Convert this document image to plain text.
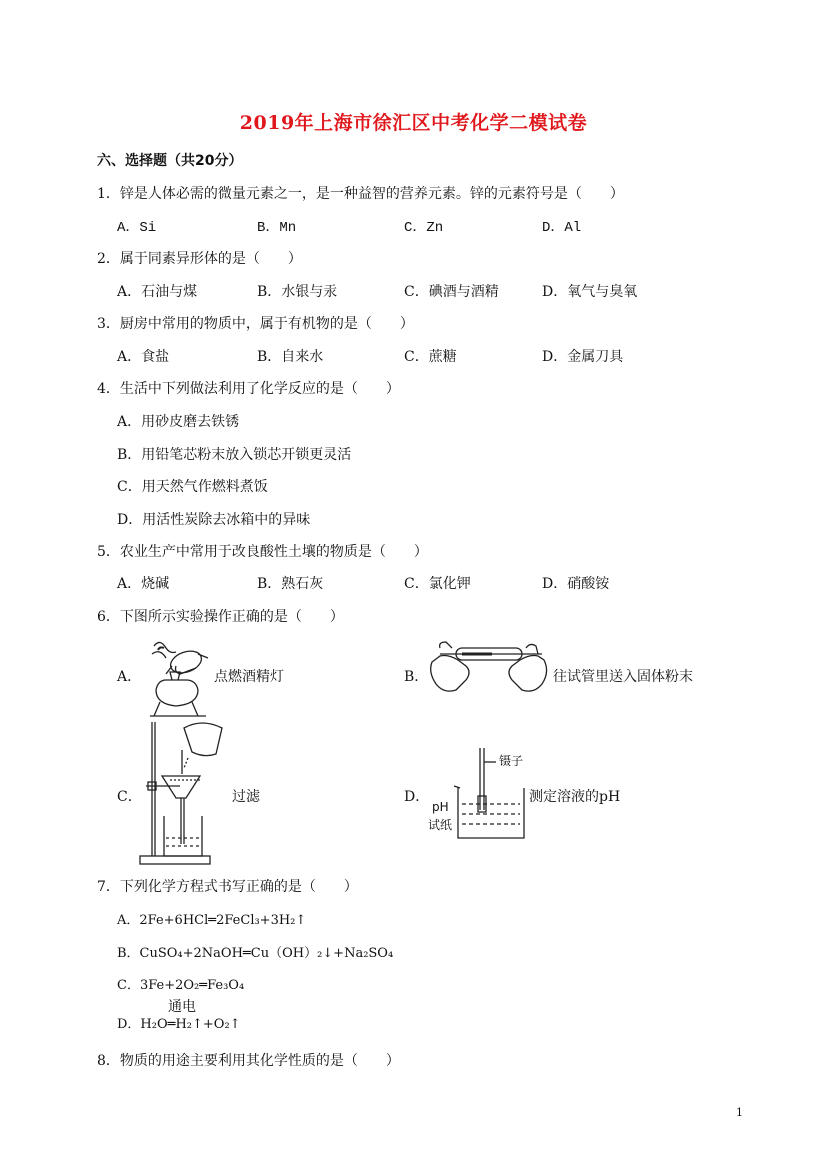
2019年上海市徐汇区中考化学二模试卷
六、选择题（共20分）
1．锌是人体必需的微量元素之一，是一种益智的营养元素。锌的元素符号是（　　）
A．Si	B．Mn	C．Zn	D．Al
2．属于同素异形体的是（　　）
A．石油与煤	B．水银与汞	C．碘酒与酒精	D．氧气与臭氧
3．厨房中常用的物质中，属于有机物的是（　　）
A．食盐	B．自来水	C．蔗糖	D．金属刀具
4．生活中下列做法利用了化学反应的是（　　）
A．用砂皮磨去铁锈
B．用铅笔芯粉末放入锁芯开锁更灵活
C．用天然气作燃料煮饭
D．用活性炭除去冰箱中的异味
5．农业生产中常用于改良酸性土壤的物质是（　　）
A．烧碱	B．熟石灰	C．氯化钾	D．硝酸铵
6．下图所示实验操作正确的是（　　）
A．	点燃酒精灯	B．	往试管里送入固体粉末
C．	过滤	D．
镊子
pH
试纸
测定溶液的pH
7．下列化学方程式书写正确的是（　　）
A．2Fe+6HCl═2FeCl₃+3H₂↑
B．CuSO₄+2NaOH═Cu（OH）₂↓+Na₂SO₄
C．3Fe+2O₂═Fe₃O₄
通电
D．H₂O═H₂↑+O₂↑
8．物质的用途主要利用其化学性质的是（　　）
1
